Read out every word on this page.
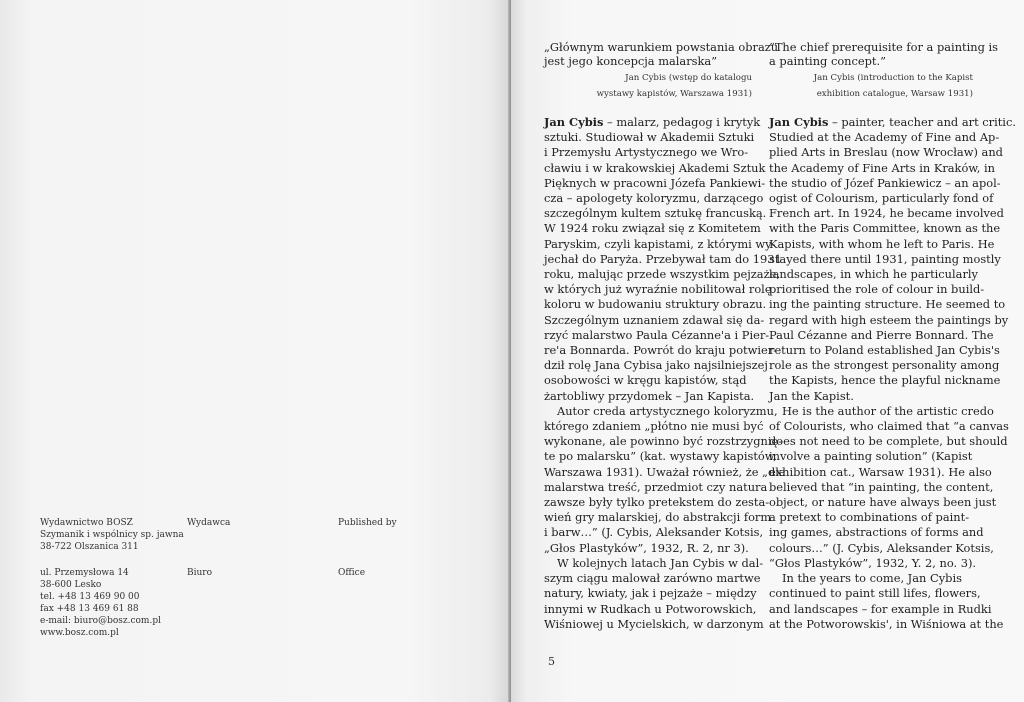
Wydawnictwo BOSZ
Szymanik i wspólnicy sp. jawna
38-722 Olszanica 311
ul. Przemysłowa 14
38-600 Lesko
tel. +48 13 469 90 00
fax +48 13 469 61 88
e-mail: biuro@bosz.com.pl
www.bosz.com.pl
Wydawca
Biuro
Published by
Office
„Głównym warunkiem powstania obrazu
jest jego koncepcja malarska”
Jan Cybis (wstęp do katalogu
wystawy kapistów, Warszawa 1931)
“The chief prerequisite for a painting is
a painting concept.”
Jan Cybis (introduction to the Kapist
exhibition catalogue, Warsaw 1931)
Jan Cybis – malarz, pedagog i krytyk
sztuki. Studiował w Akademii Sztuki
i Przemysłu Artystycznego we Wro-
cławiu i w krakowskiej Akademi Sztuk
Pięknych w pracowni Józefa Pankiewi-
cza – apologety koloryzmu, darzącego
szczególnym kultem sztukę francuską.
W 1924 roku związał się z Komitetem
Paryskim, czyli kapistami, z którymi wy-
jechał do Paryża. Przebywał tam do 1931
roku, malując przede wszystkim pejzaże,
w których już wyraźnie nobilitował rolę
koloru w budowaniu struktury obrazu.
Szczególnym uznaniem zdawał się da-
rzyć malarstwo Paula Cézanne'a i Pier-
re'a Bonnarda. Powrót do kraju potwier-
dził rolę Jana Cybisa jako najsilniejszej
osobowości w kręgu kapistów, stąd
żartobliwy przydomek – Jan Kapista.
Autor creda artystycznego koloryzmu,
którego zdaniem „płótno nie musi być
wykonane, ale powinno być rozstrzygnię-
te po malarsku” (kat. wystawy kapistów,
Warszawa 1931). Uważał również, że „dla
malarstwa treść, przedmiot czy natura
zawsze były tylko pretekstem do zesta-
wień gry malarskiej, do abstrakcji form
i barw…” (J. Cybis, Aleksander Kotsis,
„Głos Plastyków”, 1932, R. 2, nr 3).
W kolejnych latach Jan Cybis w dal-
szym ciągu malował zarówno martwe
natury, kwiaty, jak i pejzaże – między
innymi w Rudkach u Potworowskich,
Wiśniowej u Mycielskich, w darzonym
Jan Cybis – painter, teacher and art critic.
Studied at the Academy of Fine and Ap-
plied Arts in Breslau (now Wrocław) and
the Academy of Fine Arts in Kraków, in
the studio of Józef Pankiewicz – an apol-
ogist of Colourism, particularly fond of
French art. In 1924, he became involved
with the Paris Committee, known as the
Kapists, with whom he left to Paris. He
stayed there until 1931, painting mostly
landscapes, in which he particularly
prioritised the role of colour in build-
ing the painting structure. He seemed to
regard with high esteem the paintings by
Paul Cézanne and Pierre Bonnard. The
return to Poland established Jan Cybis's
role as the strongest personality among
the Kapists, hence the playful nickname
Jan the Kapist.
He is the author of the artistic credo
of Colourists, who claimed that “a canvas
does not need to be complete, but should
involve a painting solution” (Kapist
exhibition cat., Warsaw 1931). He also
believed that “in painting, the content,
object, or nature have always been just
a pretext to combinations of paint-
ing games, abstractions of forms and
colours…” (J. Cybis, Aleksander Kotsis,
“Głos Plastyków”, 1932, Y. 2, no. 3).
In the years to come, Jan Cybis
continued to paint still lifes, flowers,
and landscapes – for example in Rudki
at the Potworowskis', in Wiśniowa at the
5
